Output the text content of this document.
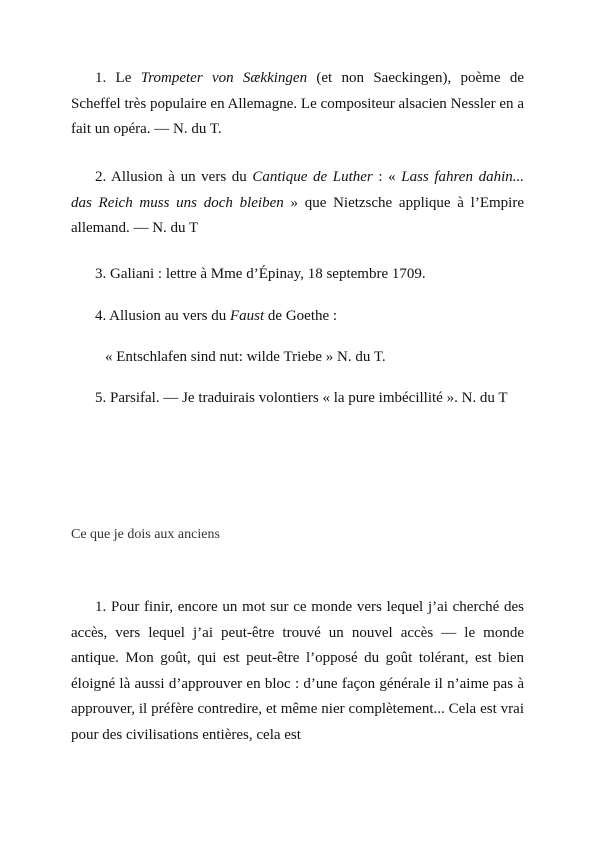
1. Le Trompeter von Sækkingen (et non Saeckingen), poème de Scheffel très populaire en Allemagne. Le compositeur alsacien Nessler en a fait un opéra. — N. du T.

2. Allusion à un vers du Cantique de Luther : « Lass fahren dahin... das Reich muss uns doch bleiben » que Nietzsche applique à l’Empire allemand. — N. du T

3. Galiani : lettre à Mme d’Épinay, 18 septembre 1709.

4. Allusion au vers du Faust de Goethe :

« Entschlafen sind nut: wilde Triebe » N. du T.

5. Parsifal. — Je traduirais volontiers « la pure imbécillité ». N. du T

Ce que je dois aux anciens

1. Pour finir, encore un mot sur ce monde vers lequel j’ai cherché des accès, vers lequel j’ai peut-être trouvé un nouvel accès — le monde antique. Mon goût, qui est peut-être l’opposé du goût tolérant, est bien éloigné là aussi d’approuver en bloc : d’une façon générale il n’aime pas à approuver, il préfère contredire, et même nier complètement... Cela est vrai pour des civilisations entières, cela est
